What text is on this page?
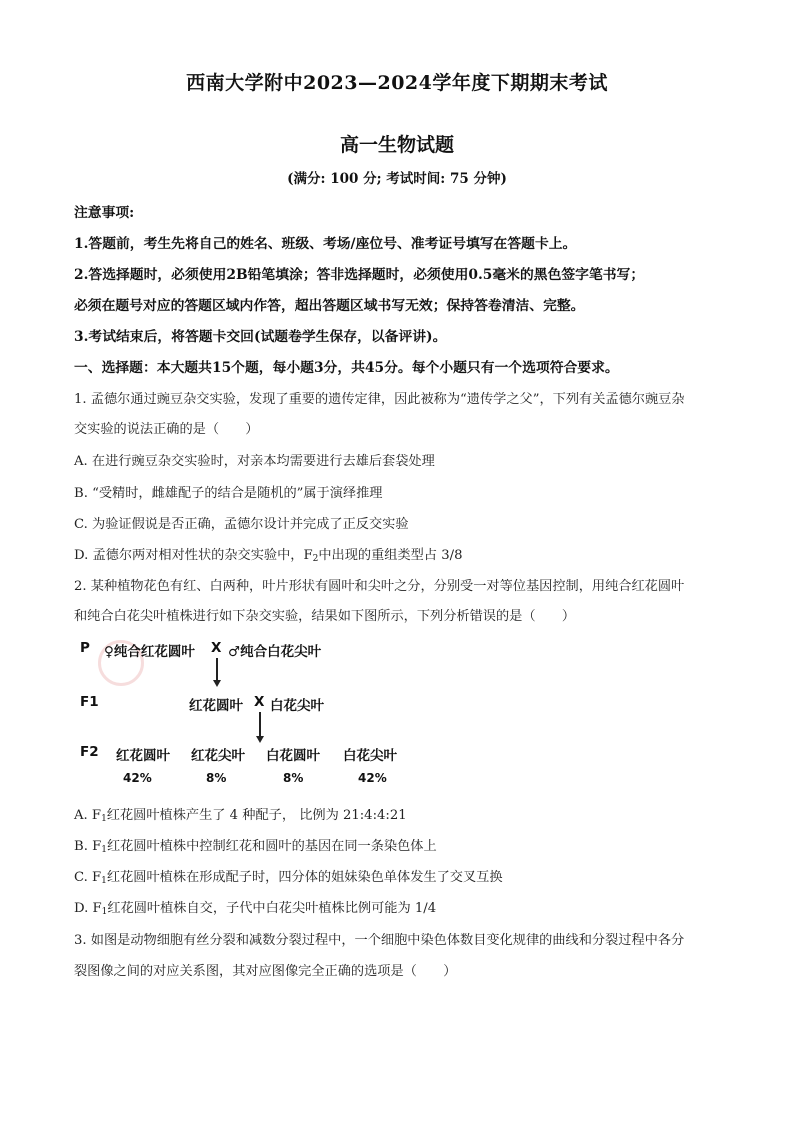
西南大学附中2023—2024学年度下期期末考试
高一生物试题
(满分: 100 分; 考试时间: 75 分钟)
注意事项:
1.答题前，考生先将自己的姓名、班级、考场/座位号、准考证号填写在答题卡上。
2.答选择题时，必须使用2B铅笔填涂；答非选择题时，必须使用0.5毫米的黑色签字笔书写；
必须在题号对应的答题区域内作答，超出答题区域书写无效；保持答卷清洁、完整。
3.考试结束后，将答题卡交回(试题卷学生保存，以备评讲)。
一、选择题：本大题共15个题，每小题3分，共45分。每个小题只有一个选项符合要求。
1. 孟德尔通过豌豆杂交实验，发现了重要的遗传定律，因此被称为“遗传学之父”，下列有关孟德尔豌豆杂
交实验的说法正确的是（　　）
A. 在进行豌豆杂交实验时，对亲本均需要进行去雄后套袋处理
B. “受精时，雌雄配子的结合是随机的”属于演绎推理
C. 为验证假说是否正确，孟德尔设计并完成了正反交实验
D. 孟德尔两对相对性状的杂交实验中，$F_2$中出现的重组类型占 3/8
2. 某种植物花色有红、白两种，叶片形状有圆叶和尖叶之分，分别受一对等位基因控制，用纯合红花圆叶
和纯合白花尖叶植株进行如下杂交实验，结果如下图所示，下列分析错误的是（　　）
P ♀纯合红花圆叶 X ♂纯合白花尖叶
F1	红花圆叶 X 白花尖叶
F2 红花圆叶 红花尖叶 白花圆叶 白花尖叶
42%	8%	8%	42%
A. $F_1$红花圆叶植株产生了 4 种配子， 比例为 21:4:4:21
B. $F_1$红花圆叶植株中控制红花和圆叶的基因在同一条染色体上
C. $F_1$红花圆叶植株在形成配子时，四分体的姐妹染色单体发生了交叉互换
D. $F_1$红花圆叶植株自交，子代中白花尖叶植株比例可能为 1/4
3. 如图是动物细胞有丝分裂和减数分裂过程中，一个细胞中染色体数目变化规律的曲线和分裂过程中各分
裂图像之间的对应关系图，其对应图像完全正确的选项是（　　）
